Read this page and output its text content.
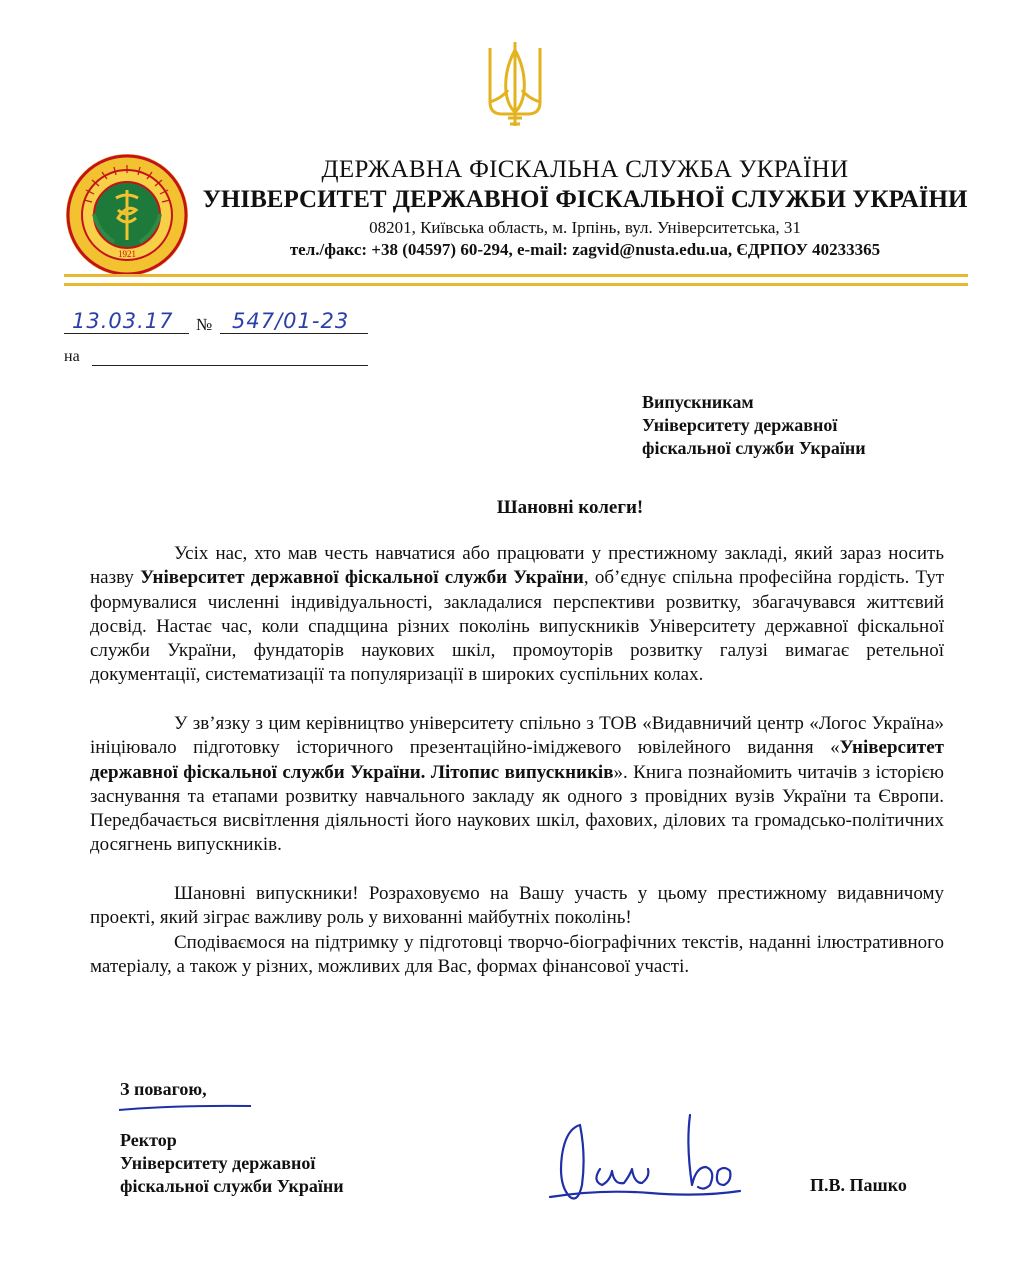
1921
ДЕРЖАВНА ФІСКАЛЬНА СЛУЖБА УКРАЇНИ
УНІВЕРСИТЕТ ДЕРЖАВНОЇ ФІСКАЛЬНОЇ СЛУЖБИ УКРАЇНИ
08201, Київська область, м. Ірпінь, вул. Університетська, 31
тел./факс: +38 (04597) 60-294, e-mail: zagvid@nusta.edu.ua, ЄДРПОУ 40233365
13.03.17 № 547/01-23
на
Випускникам
Університету державної
фіскальної служби України
Шановні колеги!

Усіх нас, хто мав честь навчатися або працювати у престижному закладі, який зараз носить назву Університет державної фіскальної служби України, об’єднує спільна професійна гордість. Тут формувалися численні індивідуальності, закладалися перспективи розвитку, збагачувався життєвий досвід. Настає час, коли спадщина різних поколінь випускників Університету державної фіскальної служби України, фундаторів наукових шкіл, промоуторів розвитку галузі вимагає ретельної документації, систематизації та популяризації в широких суспільних колах.

У зв’язку з цим керівництво університету спільно з ТОВ «Видавничий центр «Логос Україна» ініціювало підготовку історичного презентаційно-іміджевого ювілейного видання «Університет державної фіскальної служби України. Літопис випускників». Книга познайомить читачів з історією заснування та етапами розвитку навчального закладу як одного з провідних вузів України та Європи. Передбачається висвітлення діяльності його наукових шкіл, фахових, ділових та громадсько-політичних досягнень випускників.

Шановні випускники! Розраховуємо на Вашу участь у цьому престижному видавничому проекті, який зіграє важливу роль у вихованні майбутніх поколінь!

Сподіваємося на підтримку у підготовці творчо-біографічних текстів, наданні ілюстративного матеріалу, а також у різних, можливих для Вас, формах фінансової участі.

З повагою,
Ректор
Університету державної
фіскальної служби України	П.В. Пашко
